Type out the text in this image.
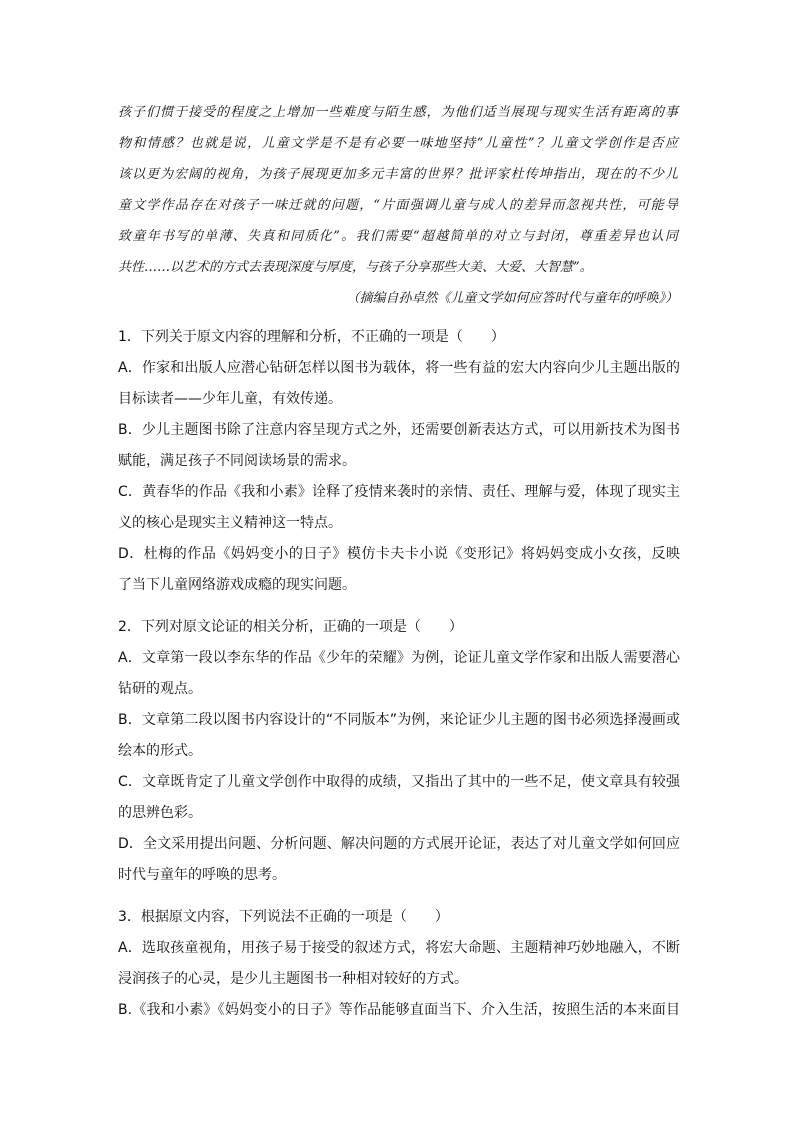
孩子们惯于接受的程度之上增加一些难度与陌生感，为他们适当展现与现实生活有距离的事
物和情感？也就是说，儿童文学是不是有必要一味地坚持“儿童性”？儿童文学创作是否应
该以更为宏阔的视角，为孩子展现更加多元丰富的世界？批评家杜传坤指出，现在的不少儿
童文学作品存在对孩子一味迁就的问题，“片面强调儿童与成人的差异而忽视共性，可能导
致童年书写的单薄、失真和同质化”。我们需要“超越简单的对立与封闭，尊重差异也认同
共性……以艺术的方式去表现深度与厚度，与孩子分享那些大美、大爱、大智慧”。
（摘编自孙卓然《儿童文学如何应答时代与童年的呼唤》）
1．下列关于原文内容的理解和分析，不正确的一项是（　　）
A．作家和出版人应潜心钻研怎样以图书为载体，将一些有益的宏大内容向少儿主题出版的
目标读者——少年儿童，有效传递。
B．少儿主题图书除了注意内容呈现方式之外，还需要创新表达方式，可以用新技术为图书
赋能，满足孩子不同阅读场景的需求。
C．黄春华的作品《我和小素》诠释了疫情来袭时的亲情、责任、理解与爱，体现了现实主
义的核心是现实主义精神这一特点。
D．杜梅的作品《妈妈变小的日子》模仿卡夫卡小说《变形记》将妈妈变成小女孩，反映
了当下儿童网络游戏成瘾的现实问题。
2．下列对原文论证的相关分析，正确的一项是（　　）
A．文章第一段以李东华的作品《少年的荣耀》为例，论证儿童文学作家和出版人需要潜心
钻研的观点。
B．文章第二段以图书内容设计的“不同版本”为例，来论证少儿主题的图书必须选择漫画或
绘本的形式。
C．文章既肯定了儿童文学创作中取得的成绩，又指出了其中的一些不足，使文章具有较强
的思辨色彩。
D．全文采用提出问题、分析问题、解决问题的方式展开论证，表达了对儿童文学如何回应
时代与童年的呼唤的思考。
3．根据原文内容，下列说法不正确的一项是（　　）
A．选取孩童视角，用孩子易于接受的叙述方式，将宏大命题、主题精神巧妙地融入，不断
浸润孩子的心灵，是少儿主题图书一种相对较好的方式。
B.《我和小素》《妈妈变小的日子》等作品能够直面当下、介入生活，按照生活的本来面目
